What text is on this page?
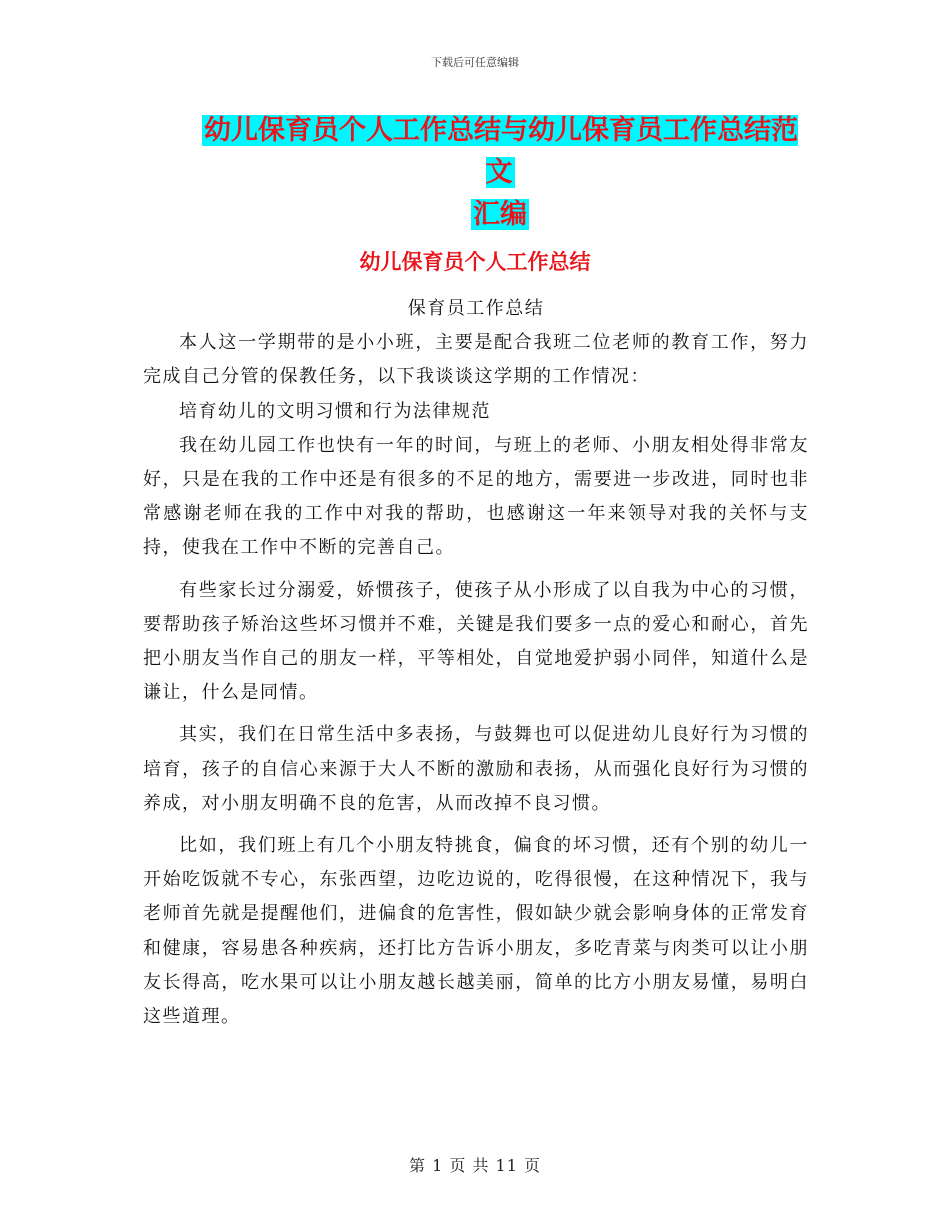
下载后可任意编辑
幼儿保育员个人工作总结与幼儿保育员工作总结范文
汇编
幼儿保育员个人工作总结

保育员工作总结

本人这一学期带的是小小班，主要是配合我班二位老师的教育工作，努力完成自己分管的保教任务，以下我谈谈这学期的工作情况：

培育幼儿的文明习惯和行为法律规范

我在幼儿园工作也快有一年的时间，与班上的老师、小朋友相处得非常友好，只是在我的工作中还是有很多的不足的地方，需要进一步改进，同时也非常感谢老师在我的工作中对我的帮助，也感谢这一年来领导对我的关怀与支持，使我在工作中不断的完善自己。

有些家长过分溺爱，娇惯孩子，使孩子从小形成了以自我为中心的习惯，要帮助孩子矫治这些坏习惯并不难，关键是我们要多一点的爱心和耐心，首先把小朋友当作自己的朋友一样，平等相处，自觉地爱护弱小同伴，知道什么是谦让，什么是同情。

其实，我们在日常生活中多表扬，与鼓舞也可以促进幼儿良好行为习惯的培育，孩子的自信心来源于大人不断的激励和表扬，从而强化良好行为习惯的养成，对小朋友明确不良的危害，从而改掉不良习惯。

比如，我们班上有几个小朋友特挑食，偏食的坏习惯，还有个别的幼儿一开始吃饭就不专心，东张西望，边吃边说的，吃得很慢，在这种情况下，我与老师首先就是提醒他们，进偏食的危害性，假如缺少就会影响身体的正常发育和健康，容易患各种疾病，还打比方告诉小朋友，多吃青菜与肉类可以让小朋友长得高，吃水果可以让小朋友越长越美丽，简单的比方小朋友易懂，易明白这些道理。

第 1 页 共 11 页
